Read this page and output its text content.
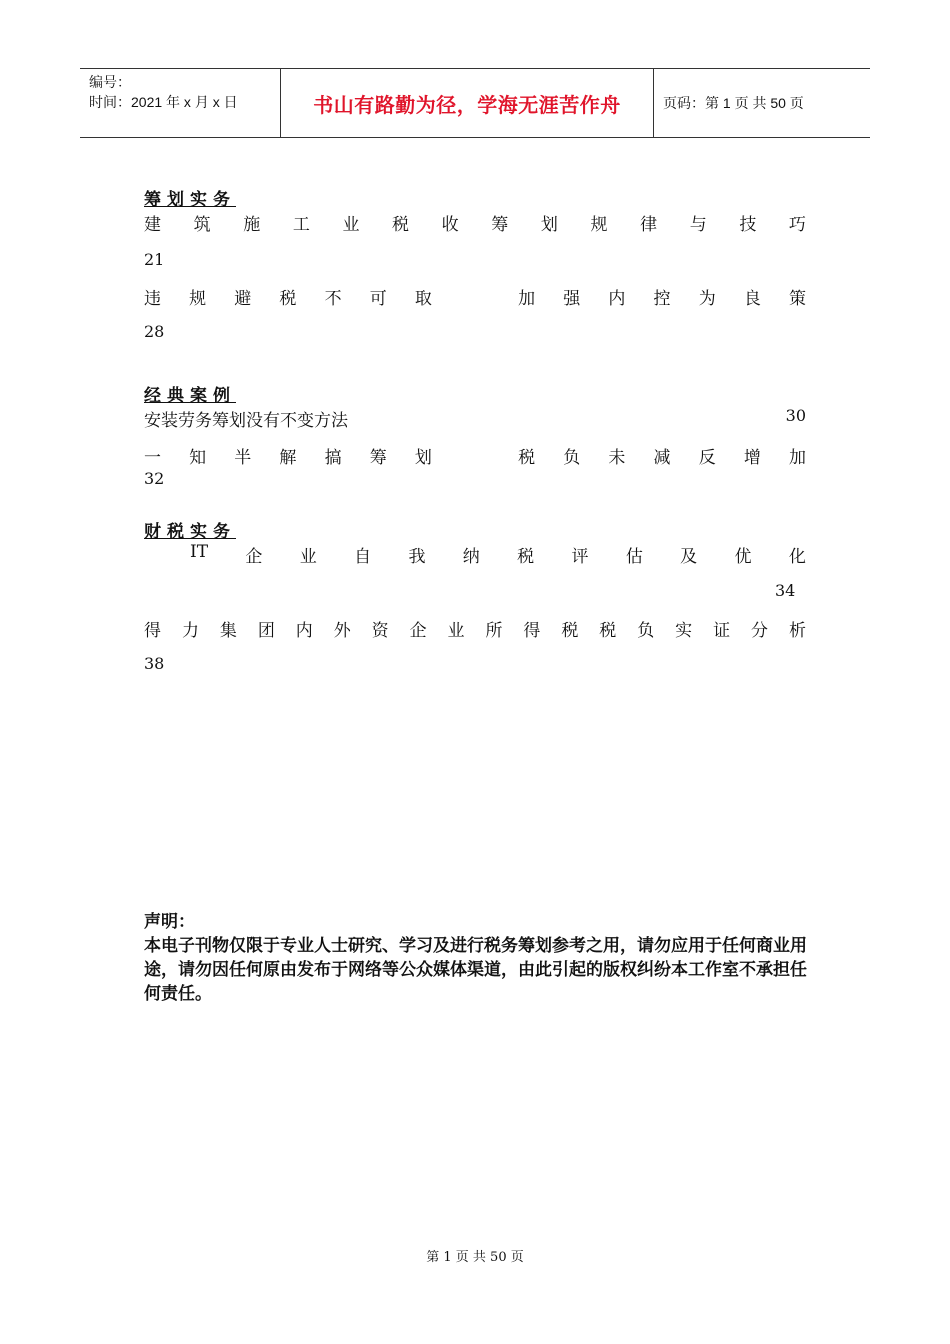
编号：
时间：2021 年 x 月 x 日	书山有路勤为径，学海无涯苦作舟	页码：第 1 页 共 50 页
筹划实务
建 筑 施 工 业 税 收 筹 划 规 律 与 技 巧
21
违 规 避 税 不 可 取	加 强 内 控 为 良 策
28
经典案例
安装劳务筹划没有不变方法	30
一 知 半 解 搞 筹 划	税 负 未 减 反 增 加
32
财税实务
IT 企 业 自 我 纳 税 评 估 及 优 化
34
得 力 集 团 内 外 资 企 业 所 得 税 税 负 实 证 分 析
38
声明：
本电子刊物仅限于专业人士研究、学习及进行税务筹划参考之用，请勿应用于任何商业用途，请勿因任何原由发布于网络等公众媒体渠道，由此引起的版权纠纷本工作室不承担任何责任。
第 1 页 共 50 页
